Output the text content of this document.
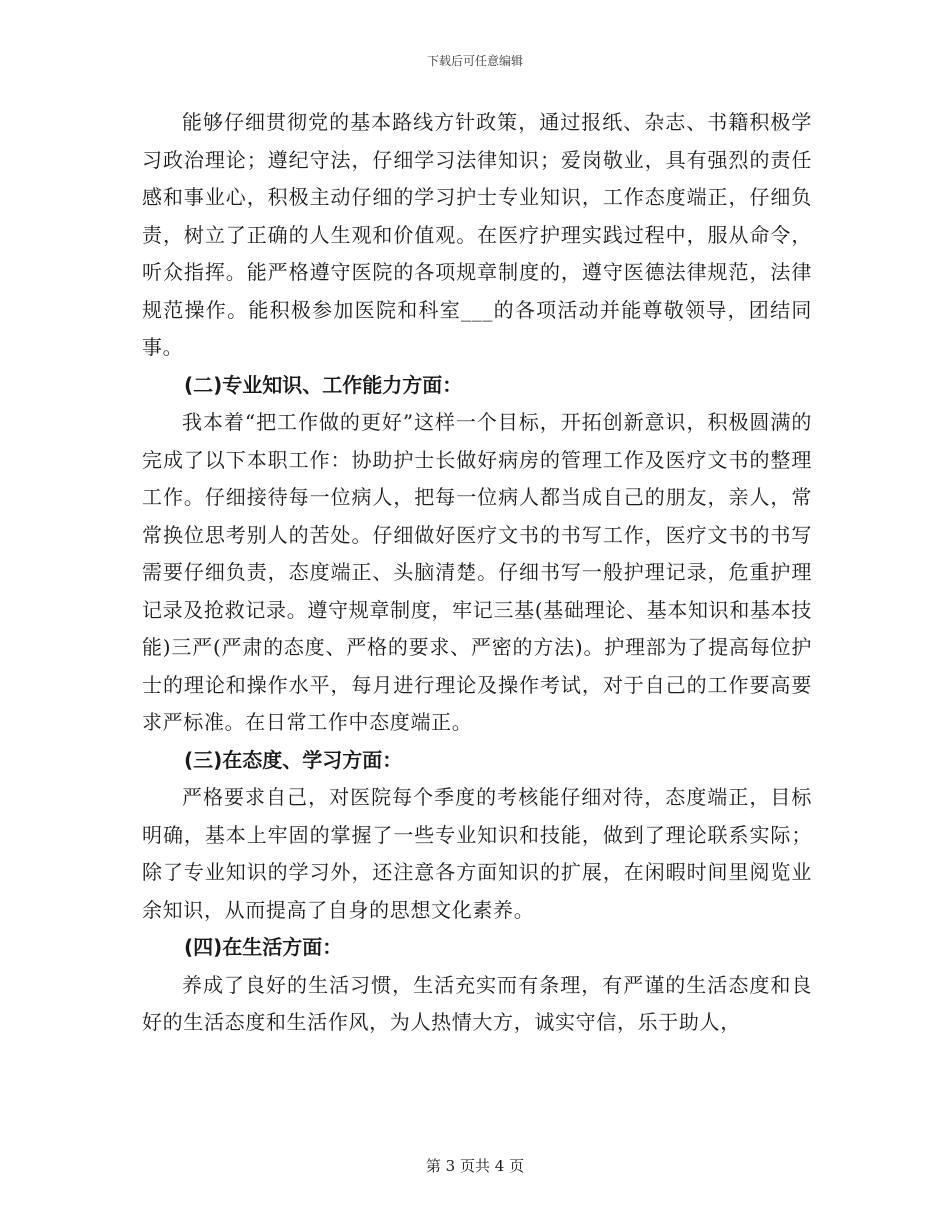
下载后可任意编辑

能够仔细贯彻党的基本路线方针政策，通过报纸、杂志、书籍积极学习政治理论；遵纪守法，仔细学习法律知识；爱岗敬业，具有强烈的责任感和事业心，积极主动仔细的学习护士专业知识，工作态度端正，仔细负责，树立了正确的人生观和价值观。在医疗护理实践过程中，服从命令，听众指挥。能严格遵守医院的各项规章制度的，遵守医德法律规范，法律规范操作。能积极参加医院和科室___的各项活动并能尊敬领导，团结同事。

(二)专业知识、工作能力方面：

我本着“把工作做的更好”这样一个目标，开拓创新意识，积极圆满的完成了以下本职工作：协助护士长做好病房的管理工作及医疗文书的整理工作。仔细接待每一位病人，把每一位病人都当成自己的朋友，亲人，常常换位思考别人的苦处。仔细做好医疗文书的书写工作，医疗文书的书写需要仔细负责，态度端正、头脑清楚。仔细书写一般护理记录，危重护理记录及抢救记录。遵守规章制度，牢记三基(基础理论、基本知识和基本技能)三严(严肃的态度、严格的要求、严密的方法)。护理部为了提高每位护士的理论和操作水平，每月进行理论及操作考试，对于自己的工作要高要求严标准。在日常工作中态度端正。

(三)在态度、学习方面：

严格要求自己，对医院每个季度的考核能仔细对待，态度端正，目标明确，基本上牢固的掌握了一些专业知识和技能，做到了理论联系实际；除了专业知识的学习外，还注意各方面知识的扩展，在闲暇时间里阅览业余知识，从而提高了自身的思想文化素养。

(四)在生活方面：

养成了良好的生活习惯，生活充实而有条理，有严谨的生活态度和良好的生活态度和生活作风，为人热情大方，诚实守信，乐于助人，

第 3 页共 4 页
